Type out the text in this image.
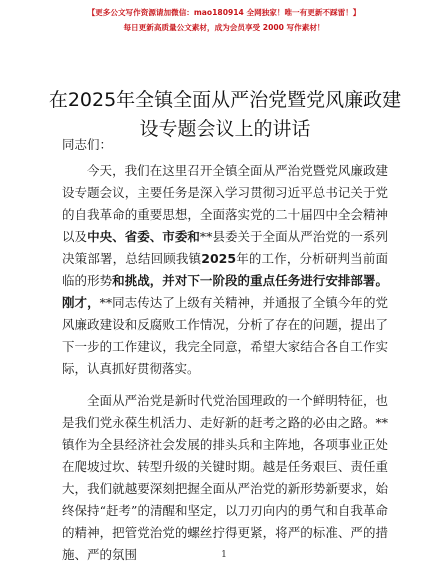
【更多公文写作资源请加微信：mao180914 全网独家！唯一有更新不踩雷！】
每日更新高质量公文素材，成为会员享受 2000 写作素材！
在2025年全镇全面从严治党暨党风廉政建设专题会议上的讲话

同志们：

今天，我们在这里召开全镇全面从严治党暨党风廉政建设专题会议，主要任务是深入学习贯彻习近平总书记关于党的自我革命的重要思想，全面落实党的二十届四中全会精神以及中央、省委、市委和**县委关于全面从严治党的一系列决策部署，总结回顾我镇2025年的工作，分析研判当前面临的形势和挑战，并对下一阶段的重点任务进行安排部署。刚才，**同志传达了上级有关精神，并通报了全镇今年的党风廉政建设和反腐败工作情况，分析了存在的问题，提出了下一步的工作建议，我完全同意，希望大家结合各自工作实际，认真抓好贯彻落实。

全面从严治党是新时代党治国理政的一个鲜明特征，也是我们党永葆生机活力、走好新的赶考之路的必由之路。**镇作为全县经济社会发展的排头兵和主阵地，各项事业正处在爬坡过坎、转型升级的关键时期。越是任务艰巨、责任重大，我们就越要深刻把握全面从严治党的新形势新要求，始终保持“赶考”的清醒和坚定，以刀刃向内的勇气和自我革命的精神，把管党治党的螺丝拧得更紧，将严的标准、严的措施、严的氛围	1
